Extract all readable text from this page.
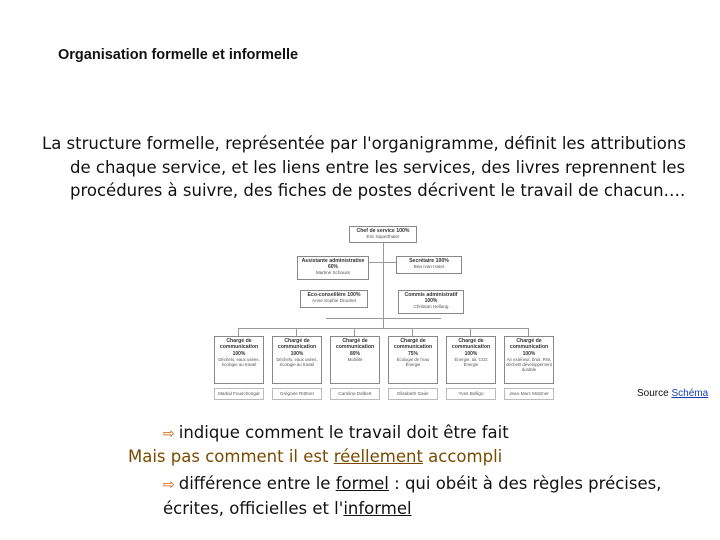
Organisation formelle et informelle
La structure formelle, représentée par l'organigramme, définit les attributions
de chaque service, et les liens entre les services, des livres reprennent les
procédures à suivre, des fiches de postes décrivent le travail de chacun….
Chef de service 100%
Eric Saperthaler
Assistante administrative
60%
Martine Schauss
Secrétaire 100%
Bea Ivan Hatet
Eco-conseillère 100%
Anne Sophie Drouhet
Commis administratif
100%
Christian Hellang
Chargé de communication
100%
Déchets, eaux usées, écologie au travail
Chargé de communication
100%
Déchets, eaux usées, écologie au travail
Chargé de communication
80%
Mobilité
Chargé de communication
75%
Écologie de l'eau Énergie
Chargé de communication
100%
Énergie, air, CO2 Énergie
Chargé de communication
100%
Air extérieur, bruit, RNI, déchets développement durable
Martial Fouschongar	Grégoire Rüttner	Caroline Delbert	Elisabeth Gaier	Yves Bolligo	Jean-Marc Mützner	Source Schéma
⇨ indique comment le travail doit être fait
Mais pas comment il est réellement accompli
⇨ différence entre le formel : qui obéit à des règles précises,
écrites, officielles et l'informel
